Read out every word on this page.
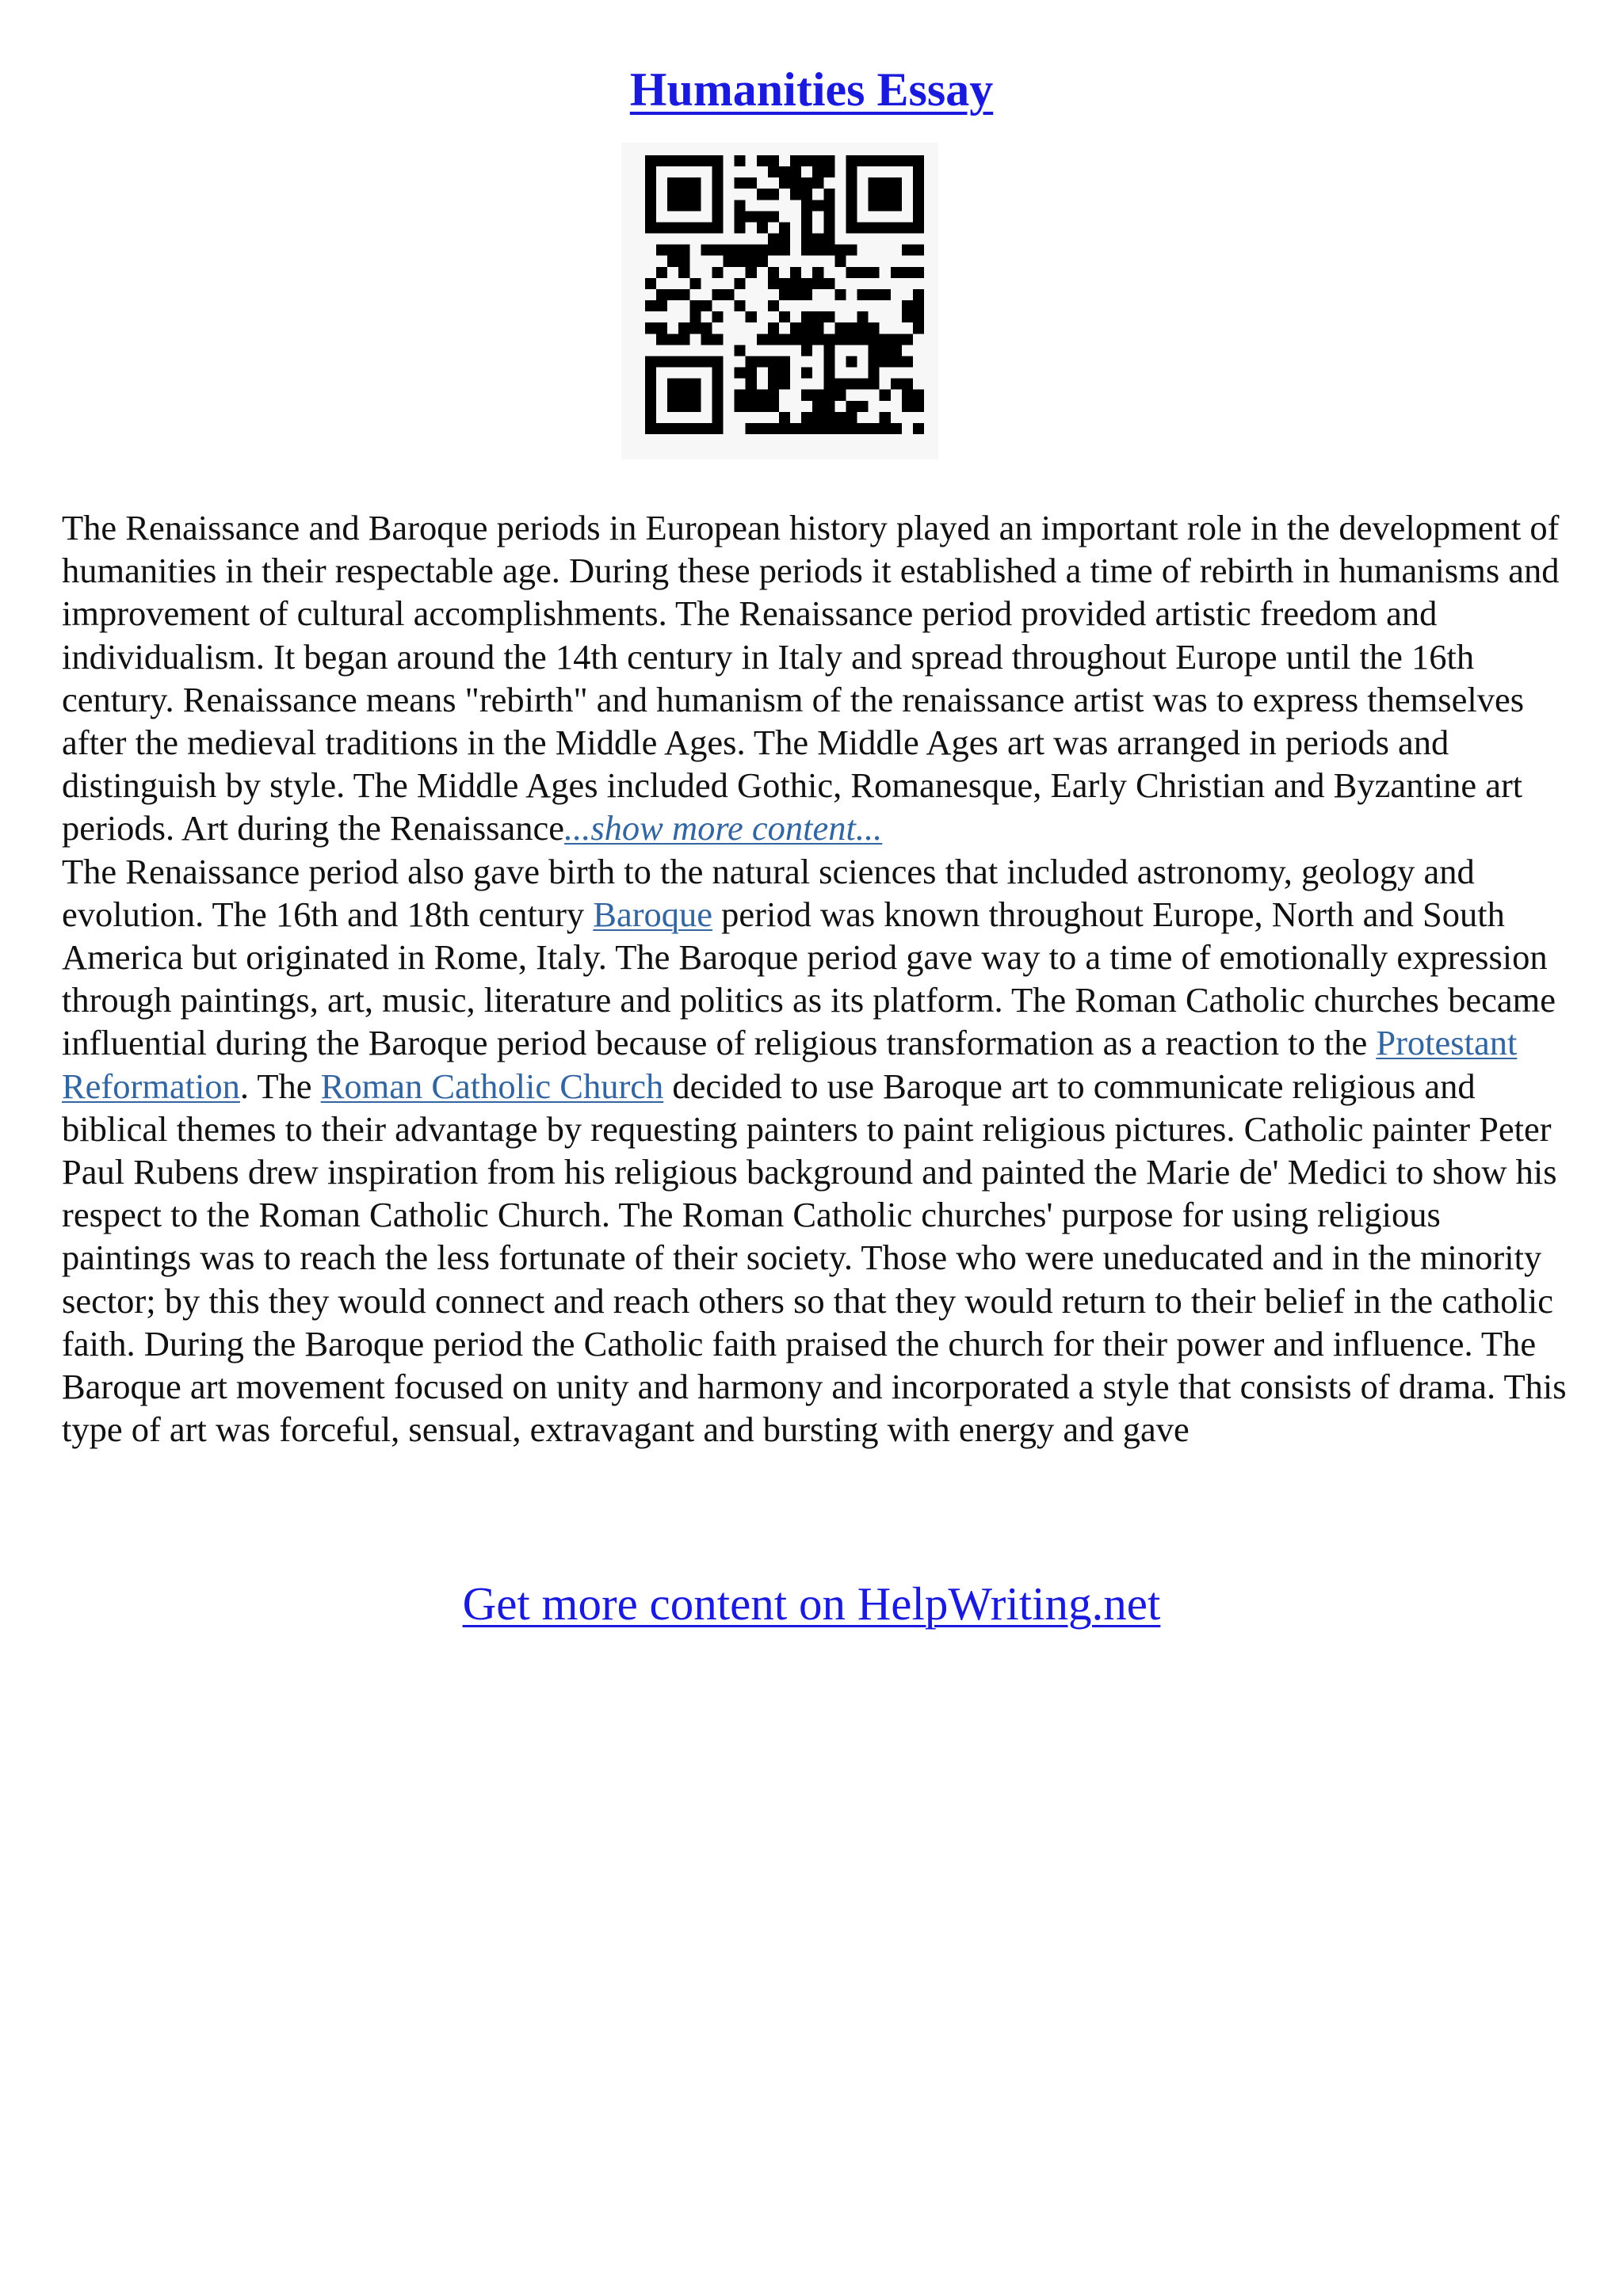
Humanities Essay

The Renaissance and Baroque periods in European history played an important role in the development of humanities in their respectable age. During these periods it established a time of rebirth in humanisms and improvement of cultural accomplishments. The Renaissance period provided artistic freedom and individualism. It began around the 14th century in Italy and spread throughout Europe until the 16th century. Renaissance means "rebirth" and humanism of the renaissance artist was to express themselves after the medieval traditions in the Middle Ages. The Middle Ages art was arranged in periods and distinguish by style. The Middle Ages included Gothic, Romanesque, Early Christian and Byzantine art periods. Art during the Renaissance...show more content...

The Renaissance period also gave birth to the natural sciences that included astronomy, geology and evolution. The 16th and 18th century Baroque period was known throughout Europe, North and South America but originated in Rome, Italy. The Baroque period gave way to a time of emotionally expression through paintings, art, music, literature and politics as its platform. The Roman Catholic churches became influential during the Baroque period because of religious transformation as a reaction to the Protestant Reformation. The Roman Catholic Church decided to use Baroque art to communicate religious and biblical themes to their advantage by requesting painters to paint religious pictures. Catholic painter Peter Paul Rubens drew inspiration from his religious background and painted the Marie de' Medici to show his respect to the Roman Catholic Church. The Roman Catholic churches' purpose for using religious paintings was to reach the less fortunate of their society. Those who were uneducated and in the minority sector; by this they would connect and reach others so that they would return to their belief in the catholic faith. During the Baroque period the Catholic faith praised the church for their power and influence. The Baroque art movement focused on unity and harmony and incorporated a style that consists of drama. This type of art was forceful, sensual, extravagant and bursting with energy and gave

Get more content on HelpWriting.net
